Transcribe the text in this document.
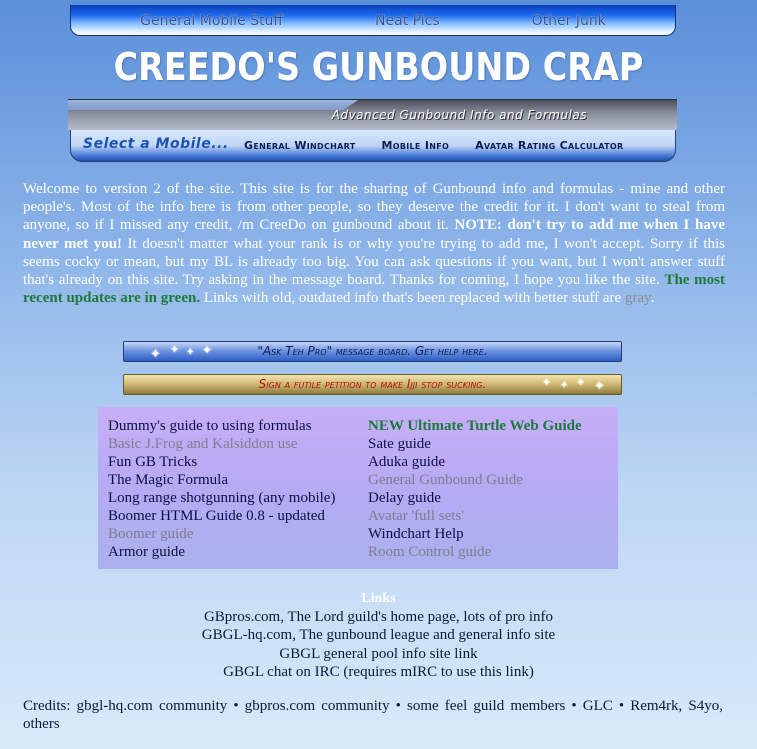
General Mobile Stuff	Neat Pics	Other Junk
CREEDO'S GUNBOUND CRAP
Advanced Gunbound Info and Formulas
Select a Mobile... General Windchart Mobile Info Avatar Rating Calculator
Welcome to version 2 of the site. This site is for the sharing of Gunbound info and formulas - mine and other people's. Most of the info here is from other people, so they deserve the credit for it. I don't want to steal from anyone, so if I missed any credit, /m CreeDo on gunbound about it. NOTE: don't try to add me when I have never met you! It doesn't matter what your rank is or why you're trying to add me, I won't accept. Sorry if this seems cocky or mean, but my BL is already too big. You can ask questions if you want, but I won't answer stuff that's already on this site. Try asking in the message board. Thanks for coming, I hope you like the site. The most recent updates are in green. Links with old, outdated info that's been replaced with better stuff are gray.
✦ ✦ ✦ ✦	"Ask Teh Pro" message board. Get help here.
Sign a futile petition to make Ijji stop sucking.	✦ ✦ ✦ ✦
Dummy's guide to using formulas
Basic J.Frog and Kalsiddon use
Fun GB Tricks
The Magic Formula
Long range shotgunning (any mobile)
Boomer HTML Guide 0.8 - updated
Boomer guide
Armor guide
NEW Ultimate Turtle Web Guide
Sate guide
Aduka guide
General Gunbound Guide
Delay guide
Avatar 'full sets'
Windchart Help
Room Control guide
Links
GBpros.com, The Lord guild's home page, lots of pro info
GBGL-hq.com, The gunbound league and general info site
GBGL general pool info site link
GBGL chat on IRC (requires mIRC to use this link)
Credits: gbgl-hq.com community • gbpros.com community • some feel guild members • GLC • Rem4rk, S4yo, others
